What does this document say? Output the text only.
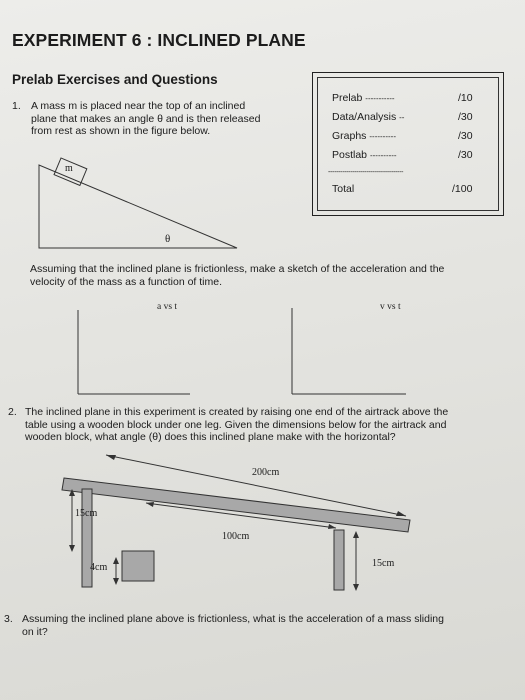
EXPERIMENT 6 : INCLINED PLANE
Prelab Exercises and Questions
Prelab -----------	/10
Data/Analysis --	/30
Graphs ----------	/30
Postlab ----------	/30
-------------------------------------
Total	/100
1. A mass m is placed near the top of an inclined
plane that makes an angle θ and is then released
from rest as shown in the figure below.
m
θ
Assuming that the inclined plane is frictionless, make a sketch of the acceleration and the
velocity of the mass as a function of time.
a vs t	v vs t
2. The inclined plane in this experiment is created by raising one end of the airtrack above the
table using a wooden block under one leg. Given the dimensions below for the airtrack and
wooden block, what angle (θ) does this inclined plane make with the horizontal?
200cm
15cm
100cm
4cm	15cm
3. Assuming the inclined plane above is frictionless, what is the acceleration of a mass sliding
on it?
